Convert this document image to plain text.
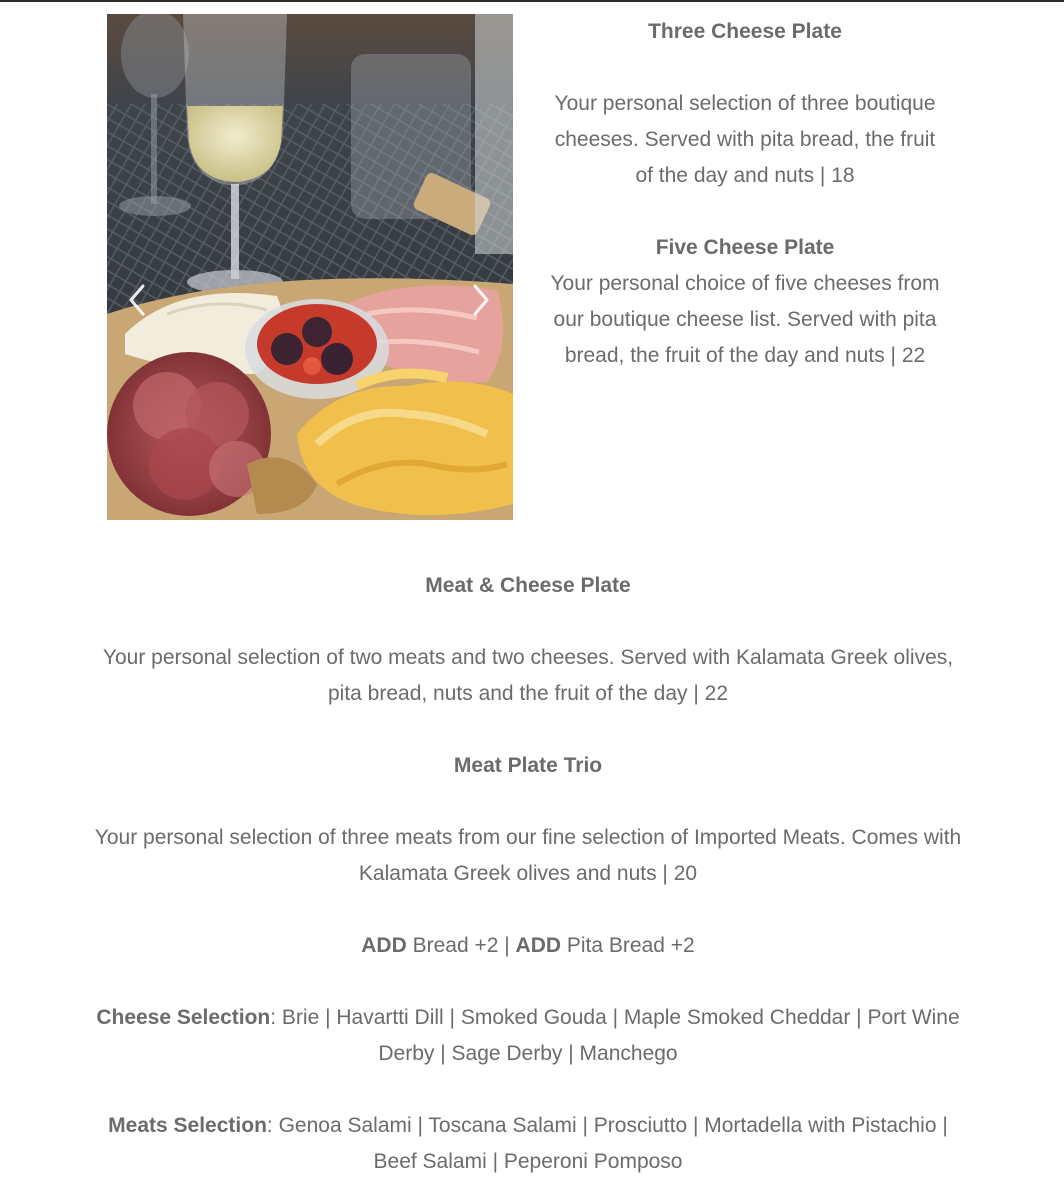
Three Cheese Plate
Your personal selection of three boutique cheeses. Served with pita bread, the fruit of the day and nuts | 18
Five Cheese Plate
Your personal choice of five cheeses from our boutique cheese list. Served with pita bread, the fruit of the day and nuts | 22
Meat & Cheese Plate
Your personal selection of two meats and two cheeses. Served with Kalamata Greek olives, pita bread, nuts and the fruit of the day | 22
Meat Plate Trio
Your personal selection of three meats from our fine selection of Imported Meats. Comes with Kalamata Greek olives and nuts | 20
ADD Bread +2 | ADD Pita Bread +2
Cheese Selection: Brie | Havartti Dill | Smoked Gouda | Maple Smoked Cheddar | Port Wine Derby | Sage Derby | Manchego
Meats Selection: Genoa Salami | Toscana Salami | Prosciutto | Mortadella with Pistachio | Beef Salami | Peperoni Pomposo
